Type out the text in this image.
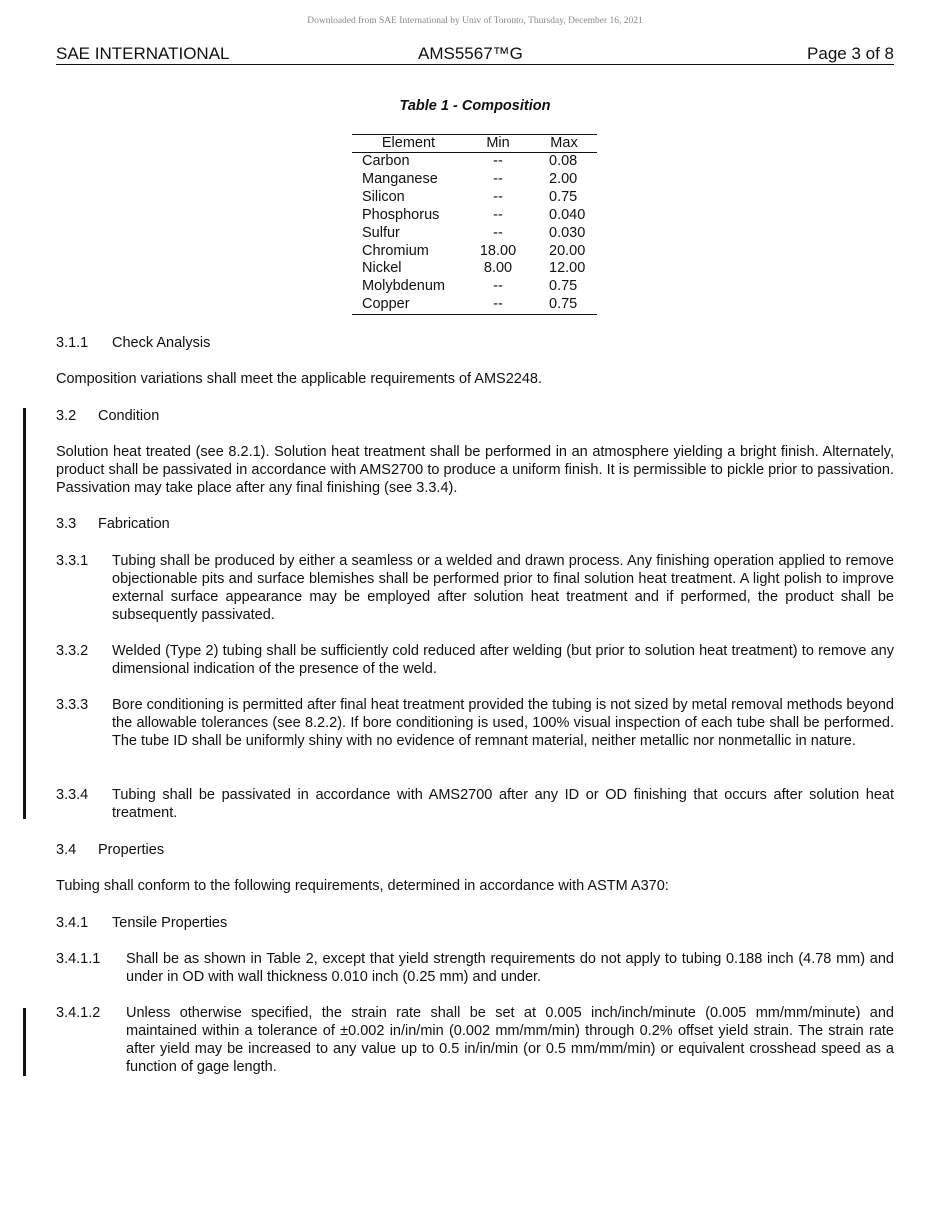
Downloaded from SAE International by Univ of Toronto, Thursday, December 16, 2021
SAE INTERNATIONAL	AMS5567™G	Page 3 of 8
Table 1 - Composition
Element	Min	Max
Carbon	--	0.08
Manganese	--	2.00
Silicon	--	0.75
Phosphorus	--	0.040
Sulfur	--	0.030
Chromium	18.00	20.00
Nickel	8.00	12.00
Molybdenum	--	0.75
Copper	--	0.75
3.1.1 Check Analysis

Composition variations shall meet the applicable requirements of AMS2248.

3.2 Condition

Solution heat treated (see 8.2.1). Solution heat treatment shall be performed in an atmosphere yielding a bright finish. Alternately, product shall be passivated in accordance with AMS2700 to produce a uniform finish. It is permissible to pickle prior to passivation. Passivation may take place after any final finishing (see 3.3.4).

3.3 Fabrication
3.3.1 Tubing shall be produced by either a seamless or a welded and drawn process. Any finishing operation applied to remove objectionable pits and surface blemishes shall be performed prior to final solution heat treatment. A light polish to improve external surface appearance may be employed after solution heat treatment and if performed, the product shall be subsequently passivated.

3.3.2 Welded (Type 2) tubing shall be sufficiently cold reduced after welding (but prior to solution heat treatment) to remove any dimensional indication of the presence of the weld.

3.3.3 Bore conditioning is permitted after final heat treatment provided the tubing is not sized by metal removal methods beyond the allowable tolerances (see 8.2.2). If bore conditioning is used, 100% visual inspection of each tube shall be performed. The tube ID shall be uniformly shiny with no evidence of remnant material, neither metallic nor nonmetallic in nature.

3.3.4 Tubing shall be passivated in accordance with AMS2700 after any ID or OD finishing that occurs after solution heat treatment.

3.4 Properties

Tubing shall conform to the following requirements, determined in accordance with ASTM A370:

3.4.1 Tensile Properties
3.4.1.1 Shall be as shown in Table 2, except that yield strength requirements do not apply to tubing 0.188 inch (4.78 mm) and under in OD with wall thickness 0.010 inch (0.25 mm) and under.

3.4.1.2 Unless otherwise specified, the strain rate shall be set at 0.005 inch/inch/minute (0.005 mm/mm/minute) and maintained within a tolerance of ±0.002 in/in/min (0.002 mm/mm/min) through 0.2% offset yield strain. The strain rate after yield may be increased to any value up to 0.5 in/in/min (or 0.5 mm/mm/min) or equivalent crosshead speed as a function of gage length.
